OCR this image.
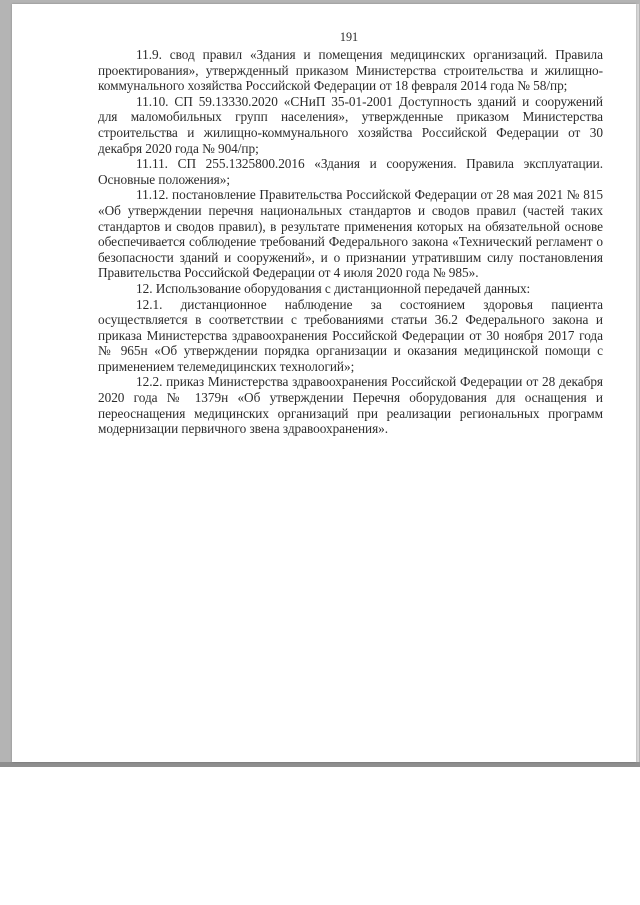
191

11.9. свод правил «Здания и помещения медицинских организаций. Правила проектирования», утвержденный приказом Министерства строительства и жилищно-коммунального хозяйства Российской Федерации от 18 февраля 2014 года № 58/пр;

11.10. СП 59.13330.2020 «СНиП 35-01-2001 Доступность зданий и сооружений для маломобильных групп населения», утвержденные приказом Министерства строительства и жилищно-коммунального хозяйства Российской Федерации от 30 декабря 2020 года № 904/пр;

11.11. СП 255.1325800.2016 «Здания и сооружения. Правила эксплуатации. Основные положения»;

11.12. постановление Правительства Российской Федерации от 28 мая 2021 № 815 «Об утверждении перечня национальных стандартов и сводов правил (частей таких стандартов и сводов правил), в результате применения которых на обязательной основе обеспечивается соблюдение требований Федерального закона «Технический регламент о безопасности зданий и сооружений», и о признании утратившим силу постановления Правительства Российской Федерации от 4 июля 2020 года № 985».

12. Использование оборудования с дистанционной передачей данных:

12.1. дистанционное наблюдение за состоянием здоровья пациента осуществляется в соответствии с требованиями статьи 36.2 Федерального закона и приказа Министерства здравоохранения Российской Федерации от 30 ноября 2017 года № 965н «Об утверждении порядка организации и оказания медицинской помощи с применением телемедицинских технологий»;

12.2. приказ Министерства здравоохранения Российской Федерации от 28 декабря 2020 года № 1379н «Об утверждении Перечня оборудования для оснащения и переоснащения медицинских организаций при реализации региональных программ модернизации первичного звена здравоохранения».
